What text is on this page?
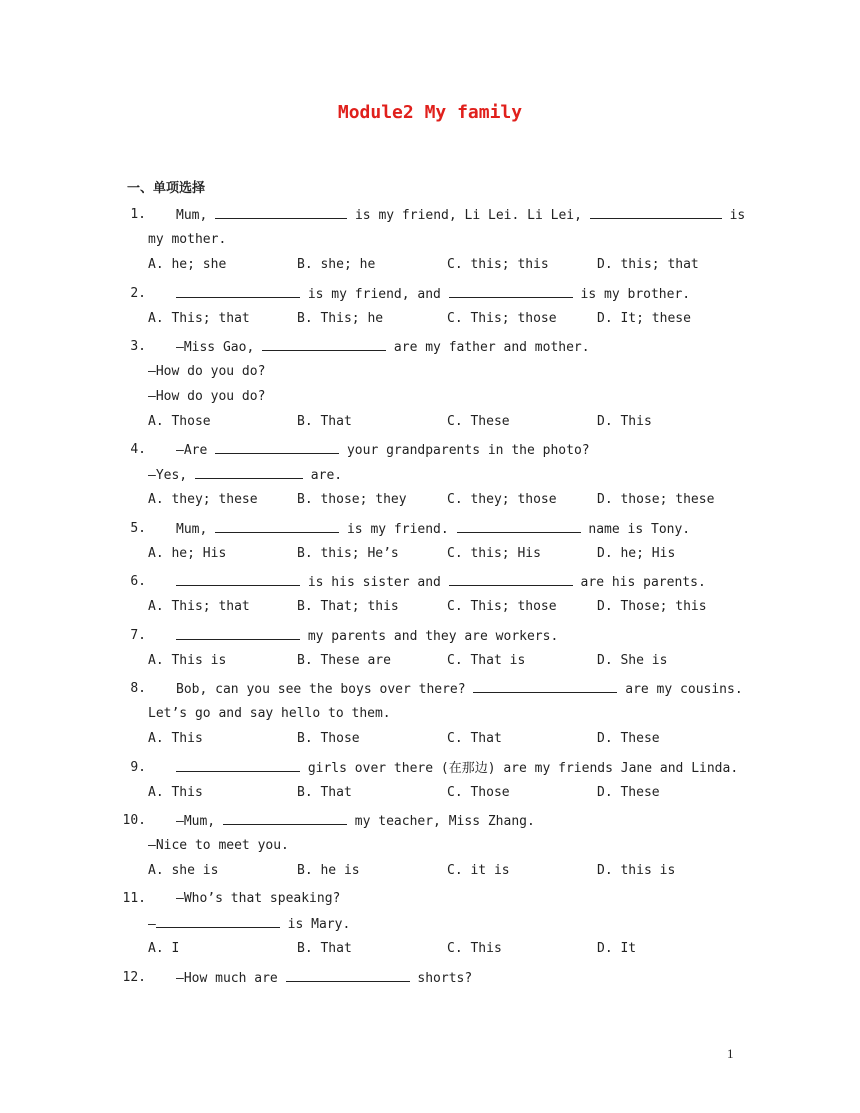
Module2 My family
一、单项选择
1. Mum,	is my friend, Li Lei. Li Lei,	is
my mother.
A. he; she	B. she; he	C. this; this	D. this; that
2.	is my friend, and	is my brother.
A. This; that	B. This; he	C. This; those	D. It; these
3. —Miss Gao,	are my father and mother.
—How do you do?
—How do you do?
A. Those	B. That	C. These	D. This
4. —Are	your grandparents in the photo?
—Yes,	are.
A. they; these	B. those; they	C. they; those	D. those; these
5. Mum,	is my friend.	name is Tony.
A. he; His	B. this; He’s	C. this; His	D. he; His
6.	is his sister and	are his parents.
A. This; that	B. That; this	C. This; those	D. Those; this
7.	my parents and they are workers.
A. This is	B. These are	C. That is	D. She is
8. Bob, can you see the boys over there?	are my cousins.
Let’s go and say hello to them.
A. This	B. Those	C. That	D. These
9.	girls over there (在那边) are my friends Jane and Linda.
A. This	B. That	C. Those	D. These
10. —Mum,	my teacher, Miss Zhang.
—Nice to meet you.
A. she is	B. he is	C. it is	D. this is
11. —Who’s that speaking?
—	is Mary.
A. I	B. That	C. This	D. It
12. —How much are	shorts?
1
